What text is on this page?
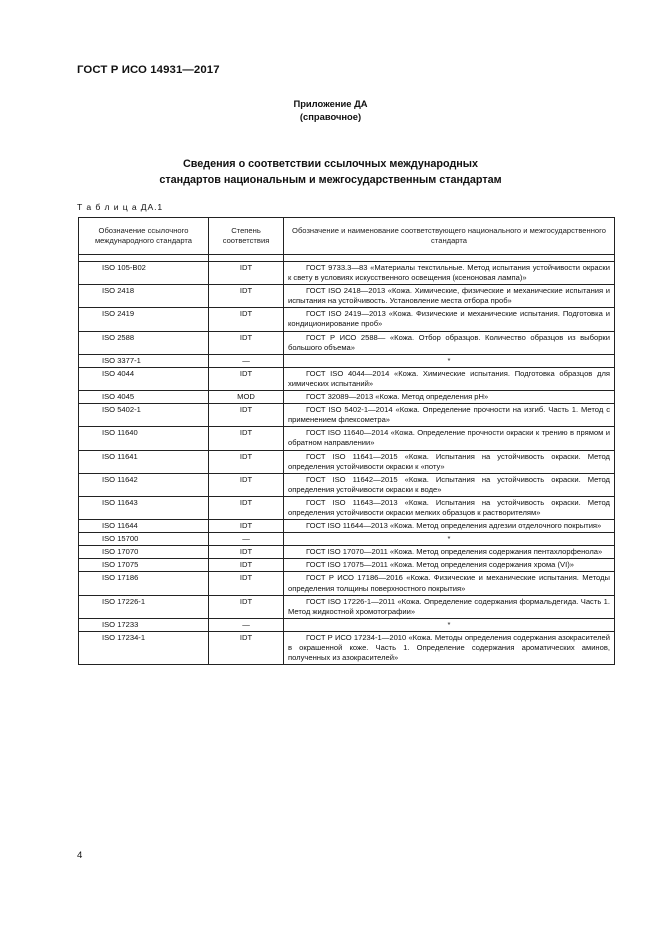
ГОСТ Р ИСО 14931—2017
Приложение ДА
(справочное)
Сведения о соответствии ссылочных международных
стандартов национальным и межгосударственным стандартам
Т а б л и ц а ДА.1
Обозначение ссылочного международного стандарта	Степень соответствия	Обозначение и наименование соответствующего национального и межгосударственного стандарта

ISO 105-B02	IDT	ГОСТ 9733.3—83 «Материалы текстильные. Метод испытания устойчивости окраски к свету в условиях искусственного освещения (ксеноновая лампа)»
ISO 2418	IDT	ГОСТ ISO 2418—2013 «Кожа. Химические, физические и механические испытания и испытания на устойчивость. Установление места отбора проб»
ISO 2419	IDT	ГОСТ ISO 2419—2013 «Кожа. Физические и механические испытания. Подготовка и кондиционирование проб»
ISO 2588	IDT	ГОСТ Р ИСО 2588— «Кожа. Отбор образцов. Количество образцов из выборки большого объема»
ISO 3377-1	—	*
ISO 4044	IDT	ГОСТ ISO 4044—2014 «Кожа. Химические испытания. Подготовка образцов для химических испытаний»
ISO 4045	MOD	ГОСТ 32089—2013 «Кожа. Метод определения pH»
ISO 5402-1	IDT	ГОСТ ISO 5402-1—2014 «Кожа. Определение прочности на изгиб. Часть 1. Метод с применением флексометра»
ISO 11640	IDT	ГОСТ ISO 11640—2014 «Кожа. Определение прочности окраски к трению в прямом и обратном направлении»
ISO 11641	IDT	ГОСТ ISO 11641—2015 «Кожа. Испытания на устойчивость окраски. Метод определения устойчивости окраски к «поту»
ISO 11642	IDT	ГОСТ ISO 11642—2015 «Кожа. Испытания на устойчивость окраски. Метод определения устойчивости окраски к воде»
ISO 11643	IDT	ГОСТ ISO 11643—2013 «Кожа. Испытания на устойчивость окраски. Метод определения устойчивости окраски мелких образцов к растворителям»
ISO 11644	IDT	ГОСТ ISO 11644—2013 «Кожа. Метод определения адгезии отделочного покрытия»
ISO 15700	—	*
ISO 17070	IDT	ГОСТ ISO 17070—2011 «Кожа. Метод определения содержания пентахлорфенола»
ISO 17075	IDT	ГОСТ ISO 17075—2011 «Кожа. Метод определения содержания хрома (VI)»
ISO 17186	IDT	ГОСТ Р ИСО 17186—2016 «Кожа. Физические и механические испытания. Методы определения толщины поверхностного покрытия»
ISO 17226-1	IDT	ГОСТ ISO 17226-1—2011 «Кожа. Определение содержания формальдегида. Часть 1. Метод жидкостной хромотографии»
ISO 17233	—	*
ISO 17234-1	IDT	ГОСТ Р ИСО 17234-1—2010 «Кожа. Методы определения содержания азокрасителей в окрашенной коже. Часть 1. Определение содержания ароматических аминов, полученных из азокрасителей»
4
